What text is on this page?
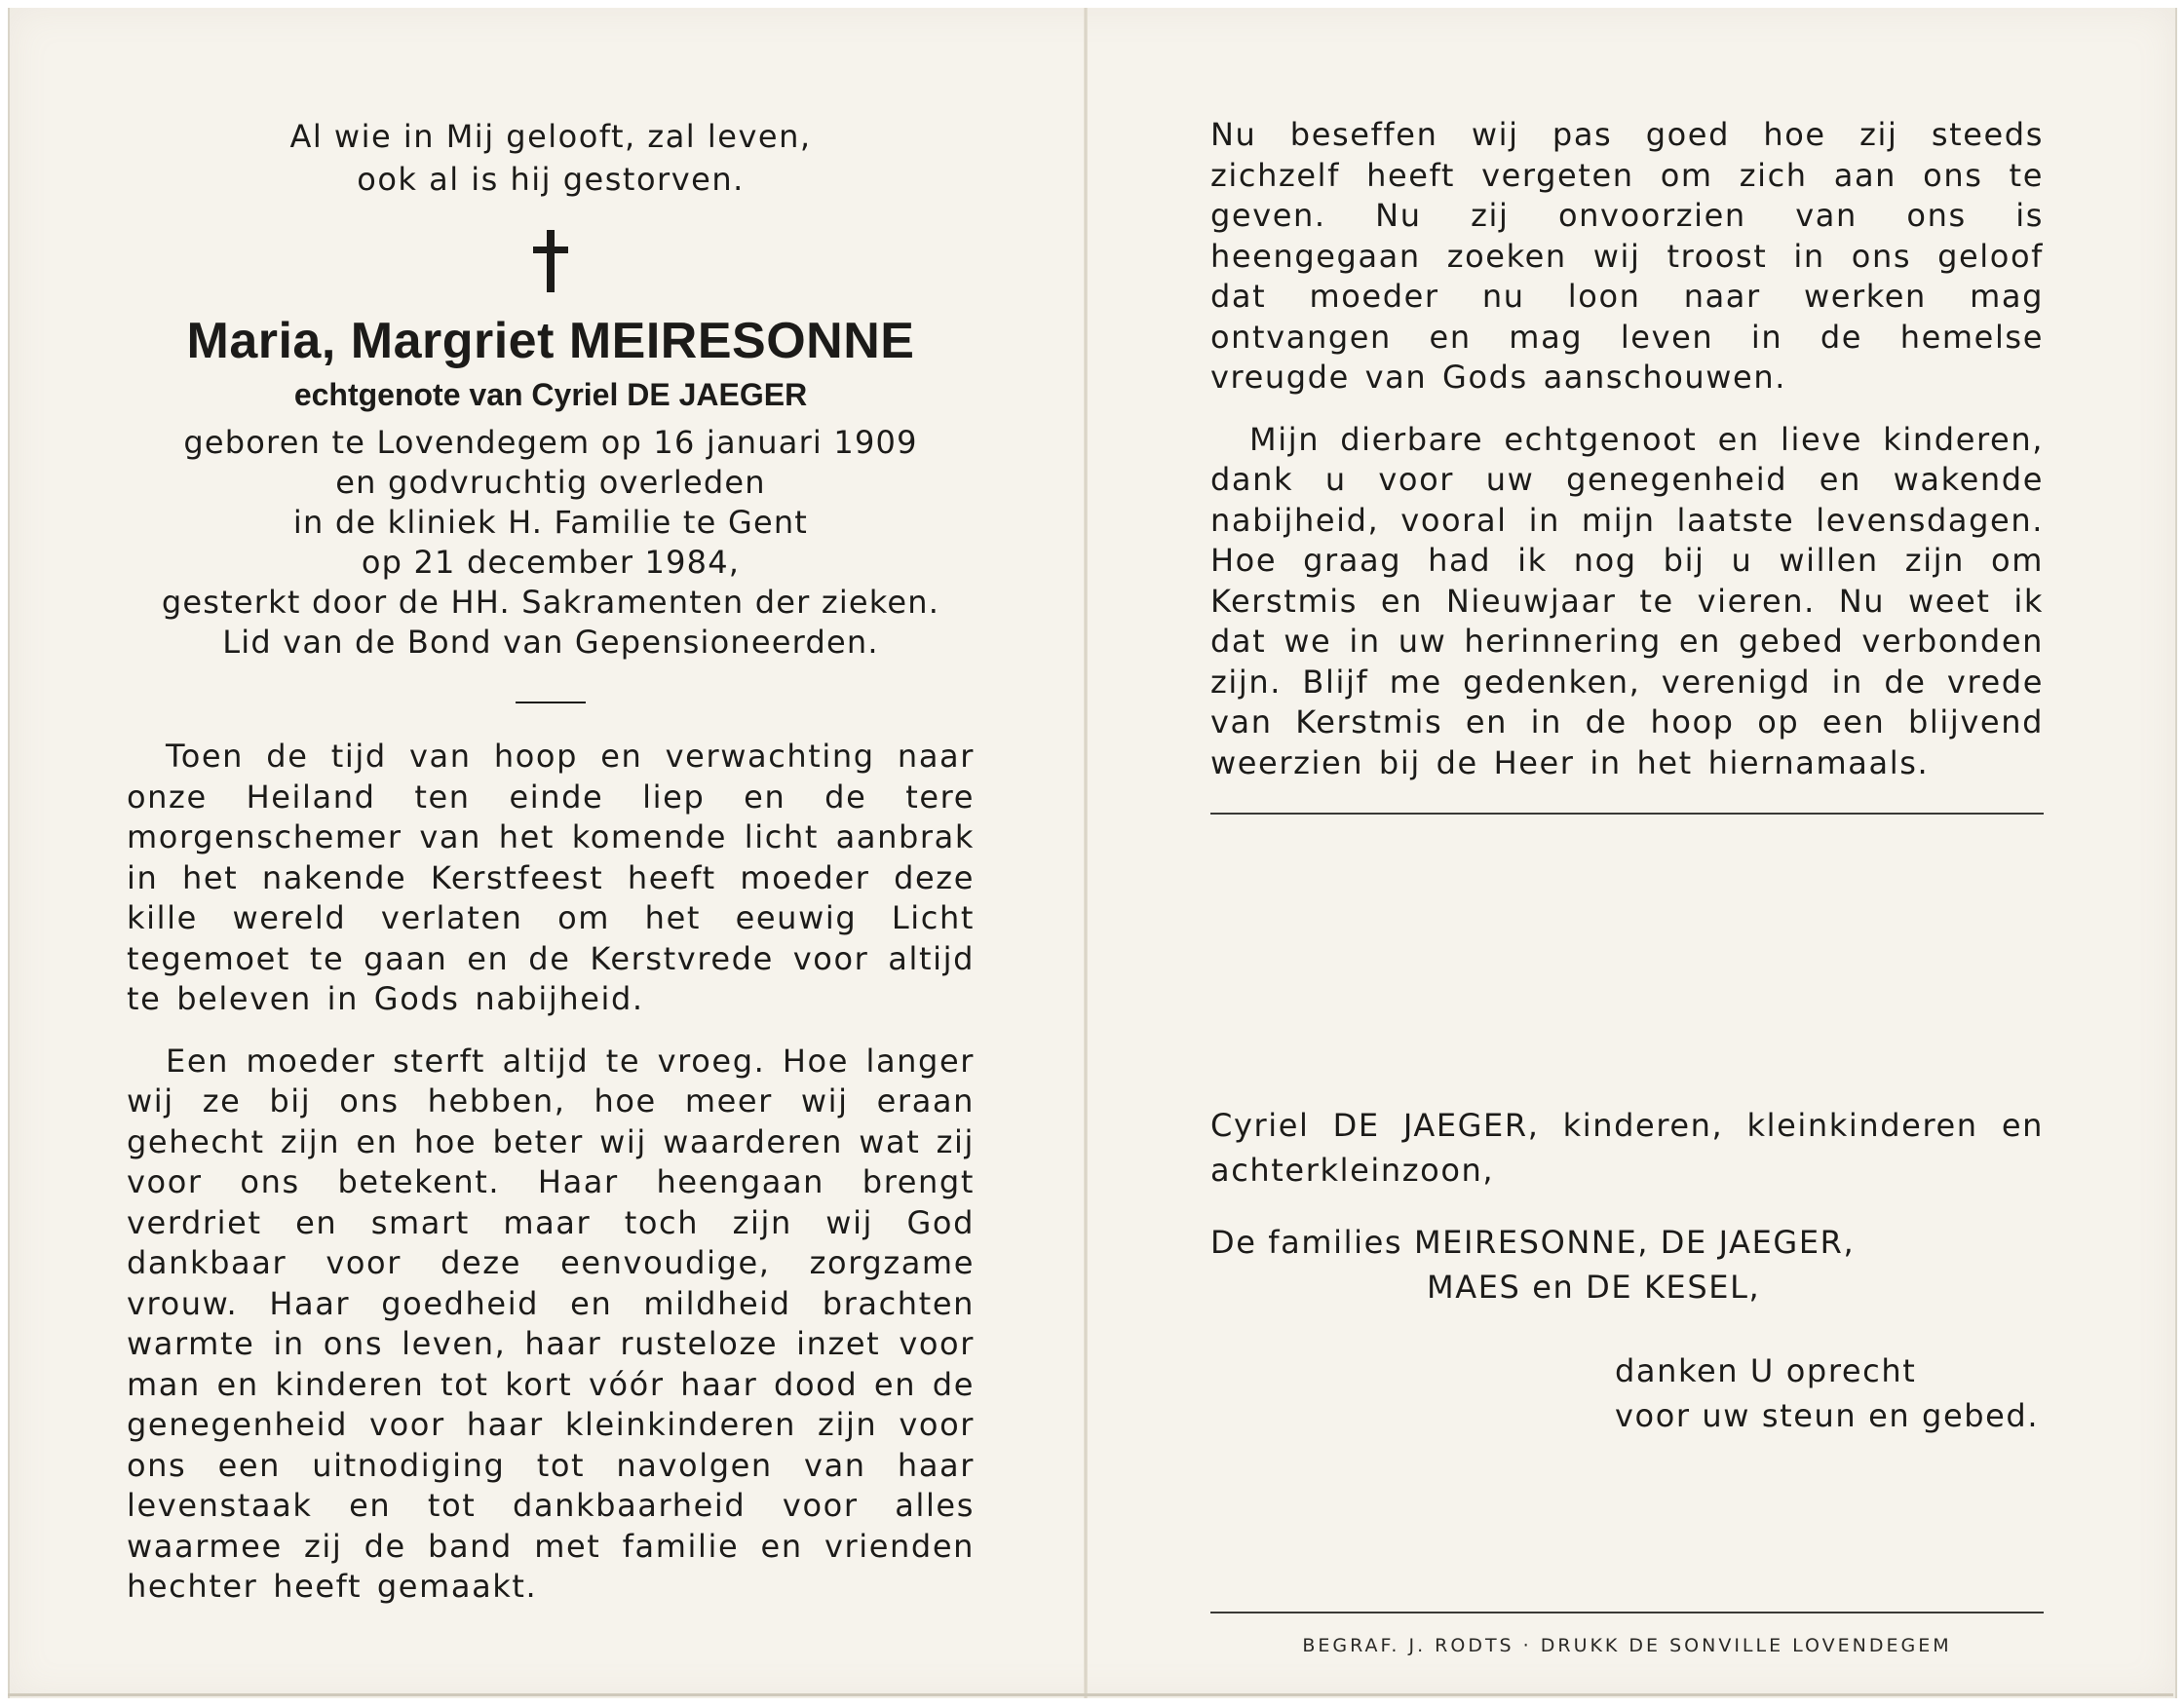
Al wie in Mij gelooft, zal leven,

ook al is hij gestorven.

Maria, Margriet MEIRESONNE

echtgenote van Cyriel DE JAEGER

geboren te Lovendegem op 16 januari 1909

en godvruchtig overleden

in de kliniek H. Familie te Gent

op 21 december 1984,

gesterkt door de HH. Sakramenten der zieken.

Lid van de Bond van Gepensioneerden.

Toen de tijd van hoop en verwachting naar onze Heiland ten einde liep en de tere morgenschemer van het komende licht aanbrak in het nakende Kerstfeest heeft moeder deze kille wereld verlaten om het eeuwig Licht tegemoet te gaan en de Kerstvrede voor altijd te beleven in Gods nabijheid.

Een moeder sterft altijd te vroeg. Hoe langer wij ze bij ons hebben, hoe meer wij eraan gehecht zijn en hoe beter wij waarderen wat zij voor ons betekent. Haar heengaan brengt verdriet en smart maar toch zijn wij God dankbaar voor deze eenvoudige, zorgzame vrouw. Haar goedheid en mildheid brachten warmte in ons leven, haar rusteloze inzet voor man en kinderen tot kort vóór haar dood en de genegenheid voor haar kleinkinderen zijn voor ons een uitnodiging tot navolgen van haar levenstaak en tot dankbaarheid voor alles waarmee zij de band met familie en vrienden hechter heeft gemaakt.

Nu beseffen wij pas goed hoe zij steeds zichzelf heeft vergeten om zich aan ons te geven. Nu zij onvoorzien van ons is heengegaan zoeken wij troost in ons geloof dat moeder nu loon naar werken mag ontvangen en mag leven in de hemelse vreugde van Gods aanschouwen.

Mijn dierbare echtgenoot en lieve kinderen, dank u voor uw genegenheid en wakende nabijheid, vooral in mijn laatste levensdagen. Hoe graag had ik nog bij u willen zijn om Kerstmis en Nieuwjaar te vieren. Nu weet ik dat we in uw herinnering en gebed verbonden zijn. Blijf me gedenken, verenigd in de vrede van Kerstmis en in de hoop op een blijvend weerzien bij de Heer in het hiernamaals.

Cyriel DE JAEGER, kinderen, kleinkinderen en achterkleinzoon,

De families MEIRESONNE, DE JAEGER,

MAES en DE KESEL,

danken U oprecht

voor uw steun en gebed.

BEGRAF. J. RODTS · DRUKK DE SONVILLE LOVENDEGEM
